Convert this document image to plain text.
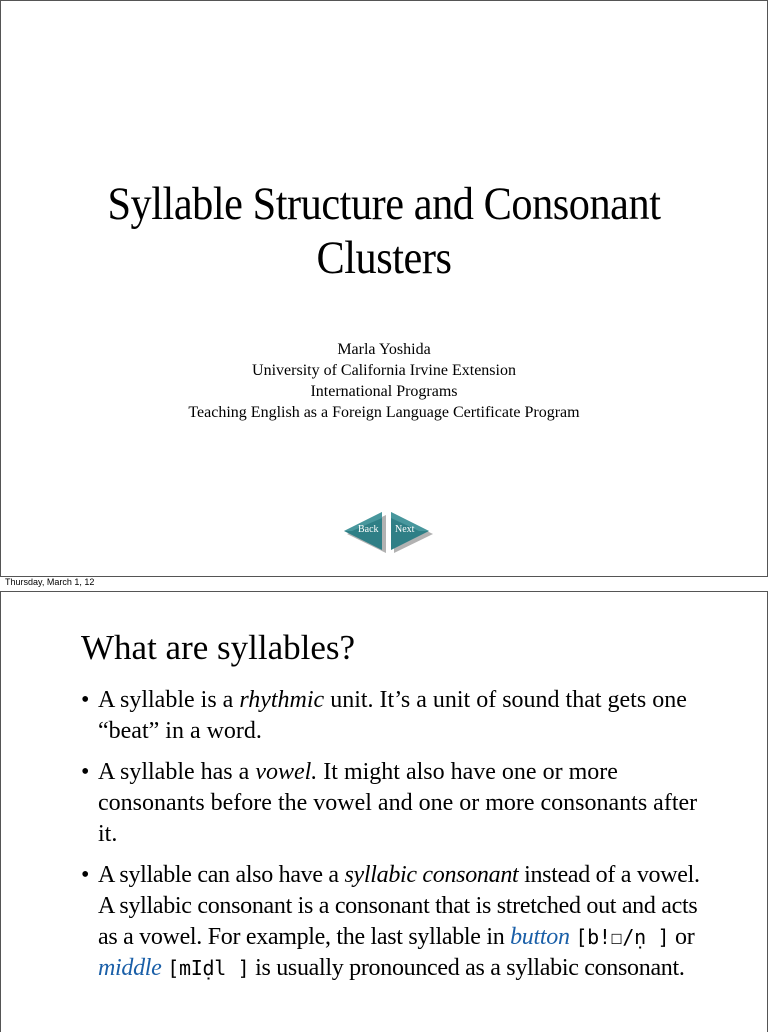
Syllable Structure and Consonant Clusters
Marla Yoshida
University of California Irvine Extension
International Programs
Teaching English as a Foreign Language Certificate Program
Back Next
Thursday, March 1, 12
What are syllables?
• A syllable is a rhythmic unit. It’s a unit of sound that gets one “beat” in a word.
• A syllable has a vowel. It might also have one or more consonants before the vowel and one or more consonants after it.
• A syllable can also have a syllabic consonant instead of a vowel. A syllabic consonant is a consonant that is stretched out and acts as a vowel. For example, the last syllable in button [b!☐/ṇ ] or middle [mIḍl ] is usually pronounced as a syllabic consonant.
